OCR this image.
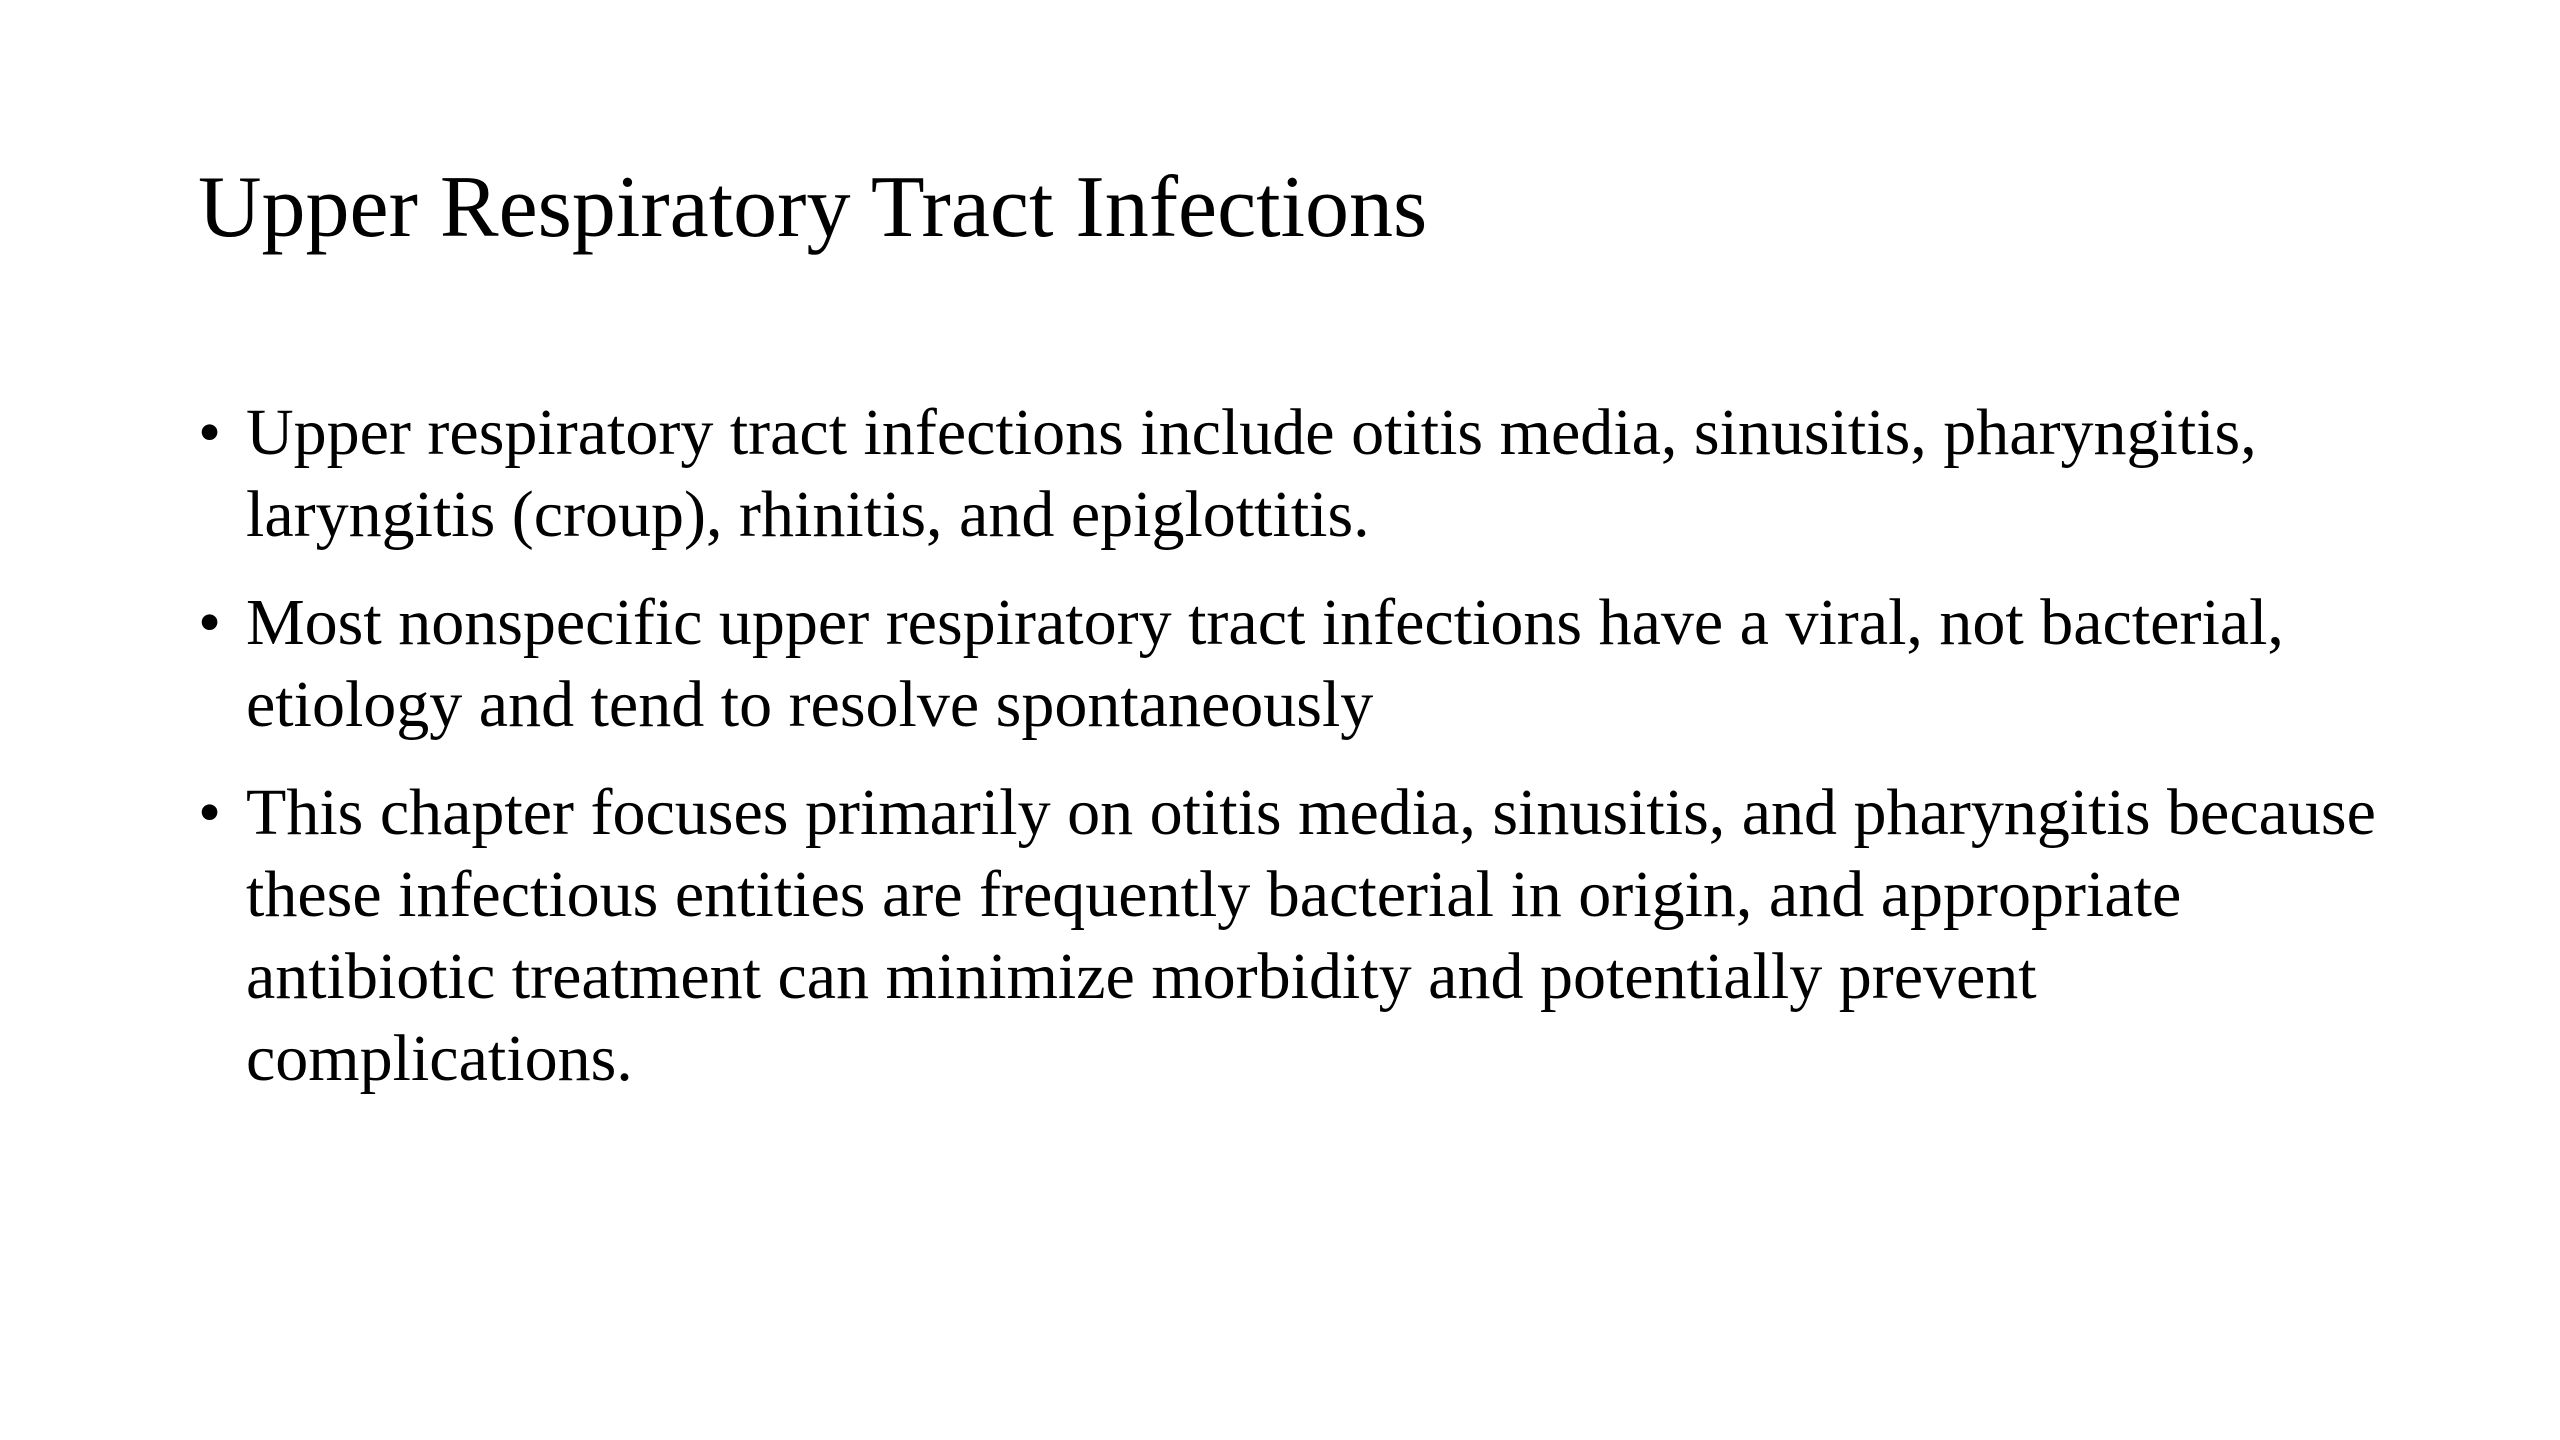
Upper Respiratory Tract Infections
• Upper respiratory tract infections include otitis media, sinusitis, pharyngitis, laryngitis (croup), rhinitis, and epiglottitis.
• Most nonspecific upper respiratory tract infections have a viral, not bacterial, etiology and tend to resolve spontaneously
• This chapter focuses primarily on otitis media, sinusitis, and pharyngitis because these infectious entities are frequently bacterial in origin, and appropriate antibiotic treatment can minimize morbidity and potentially prevent complications.
